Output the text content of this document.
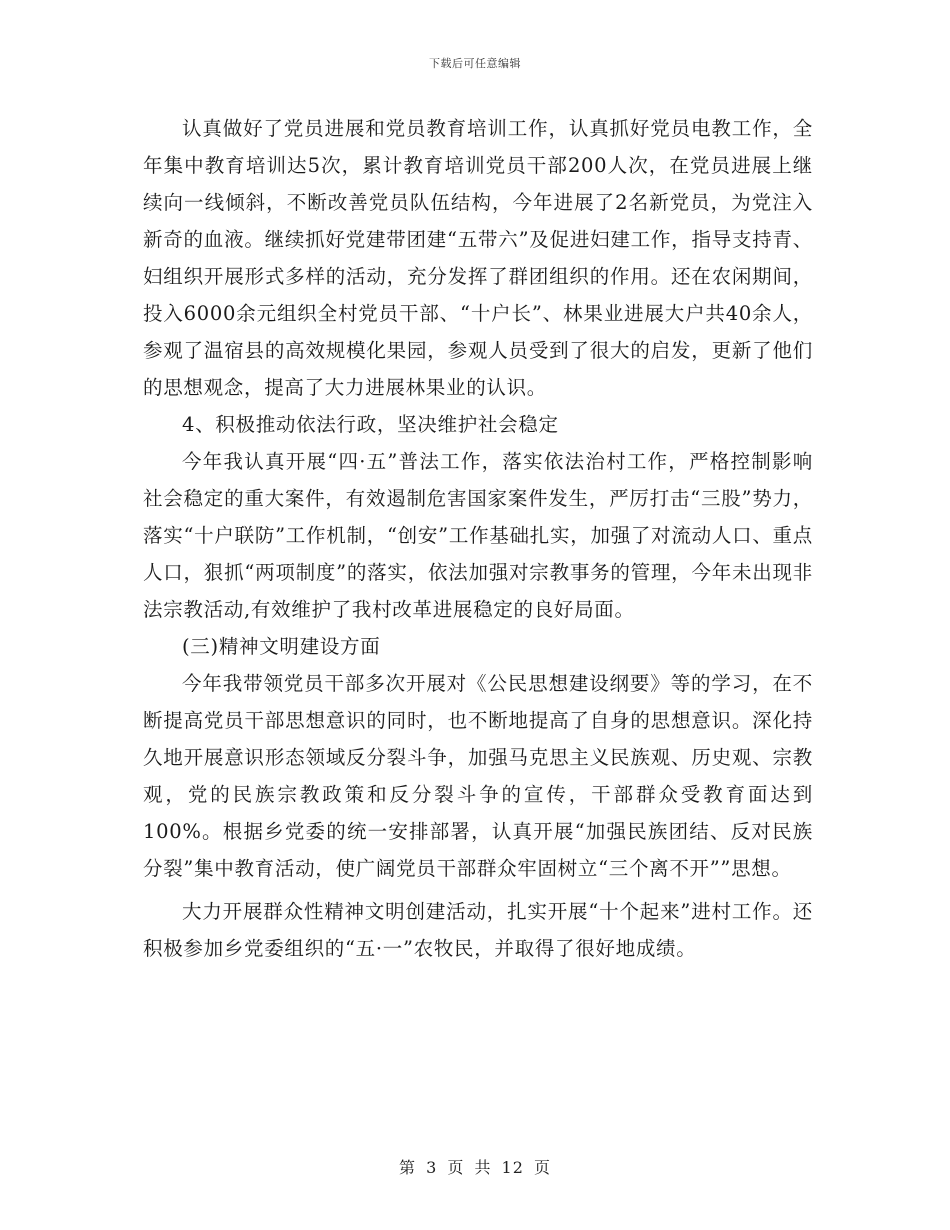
下载后可任意编辑

认真做好了党员进展和党员教育培训工作，认真抓好党员电教工作，全年集中教育培训达5次，累计教育培训党员干部200人次，在党员进展上继续向一线倾斜，不断改善党员队伍结构，今年进展了2名新党员，为党注入新奇的血液。继续抓好党建带团建“五带六”及促进妇建工作，指导支持青、妇组织开展形式多样的活动，充分发挥了群团组织的作用。还在农闲期间，投入6000余元组织全村党员干部、“十户长”、林果业进展大户共40余人，参观了温宿县的高效规模化果园，参观人员受到了很大的启发，更新了他们的思想观念，提高了大力进展林果业的认识。

4、积极推动依法行政，坚决维护社会稳定

今年我认真开展“四·五”普法工作，落实依法治村工作，严格控制影响社会稳定的重大案件，有效遏制危害国家案件发生，严厉打击“三股”势力，落实“十户联防”工作机制，“创安”工作基础扎实，加强了对流动人口、重点人口，狠抓“两项制度”的落实，依法加强对宗教事务的管理，今年未出现非法宗教活动,有效维护了我村改革进展稳定的良好局面。

(三)精神文明建设方面

今年我带领党员干部多次开展对《公民思想建设纲要》等的学习，在不断提高党员干部思想意识的同时，也不断地提高了自身的思想意识。深化持久地开展意识形态领域反分裂斗争，加强马克思主义民族观、历史观、宗教观，党的民族宗教政策和反分裂斗争的宣传，干部群众受教育面达到100%。根据乡党委的统一安排部署，认真开展“加强民族团结、反对民族分裂”集中教育活动，使广阔党员干部群众牢固树立“三个离不开””思想。

大力开展群众性精神文明创建活动，扎实开展“十个起来”进村工作。还积极参加乡党委组织的“五·一”农牧民，并取得了很好地成绩。

第 3 页 共 12 页
